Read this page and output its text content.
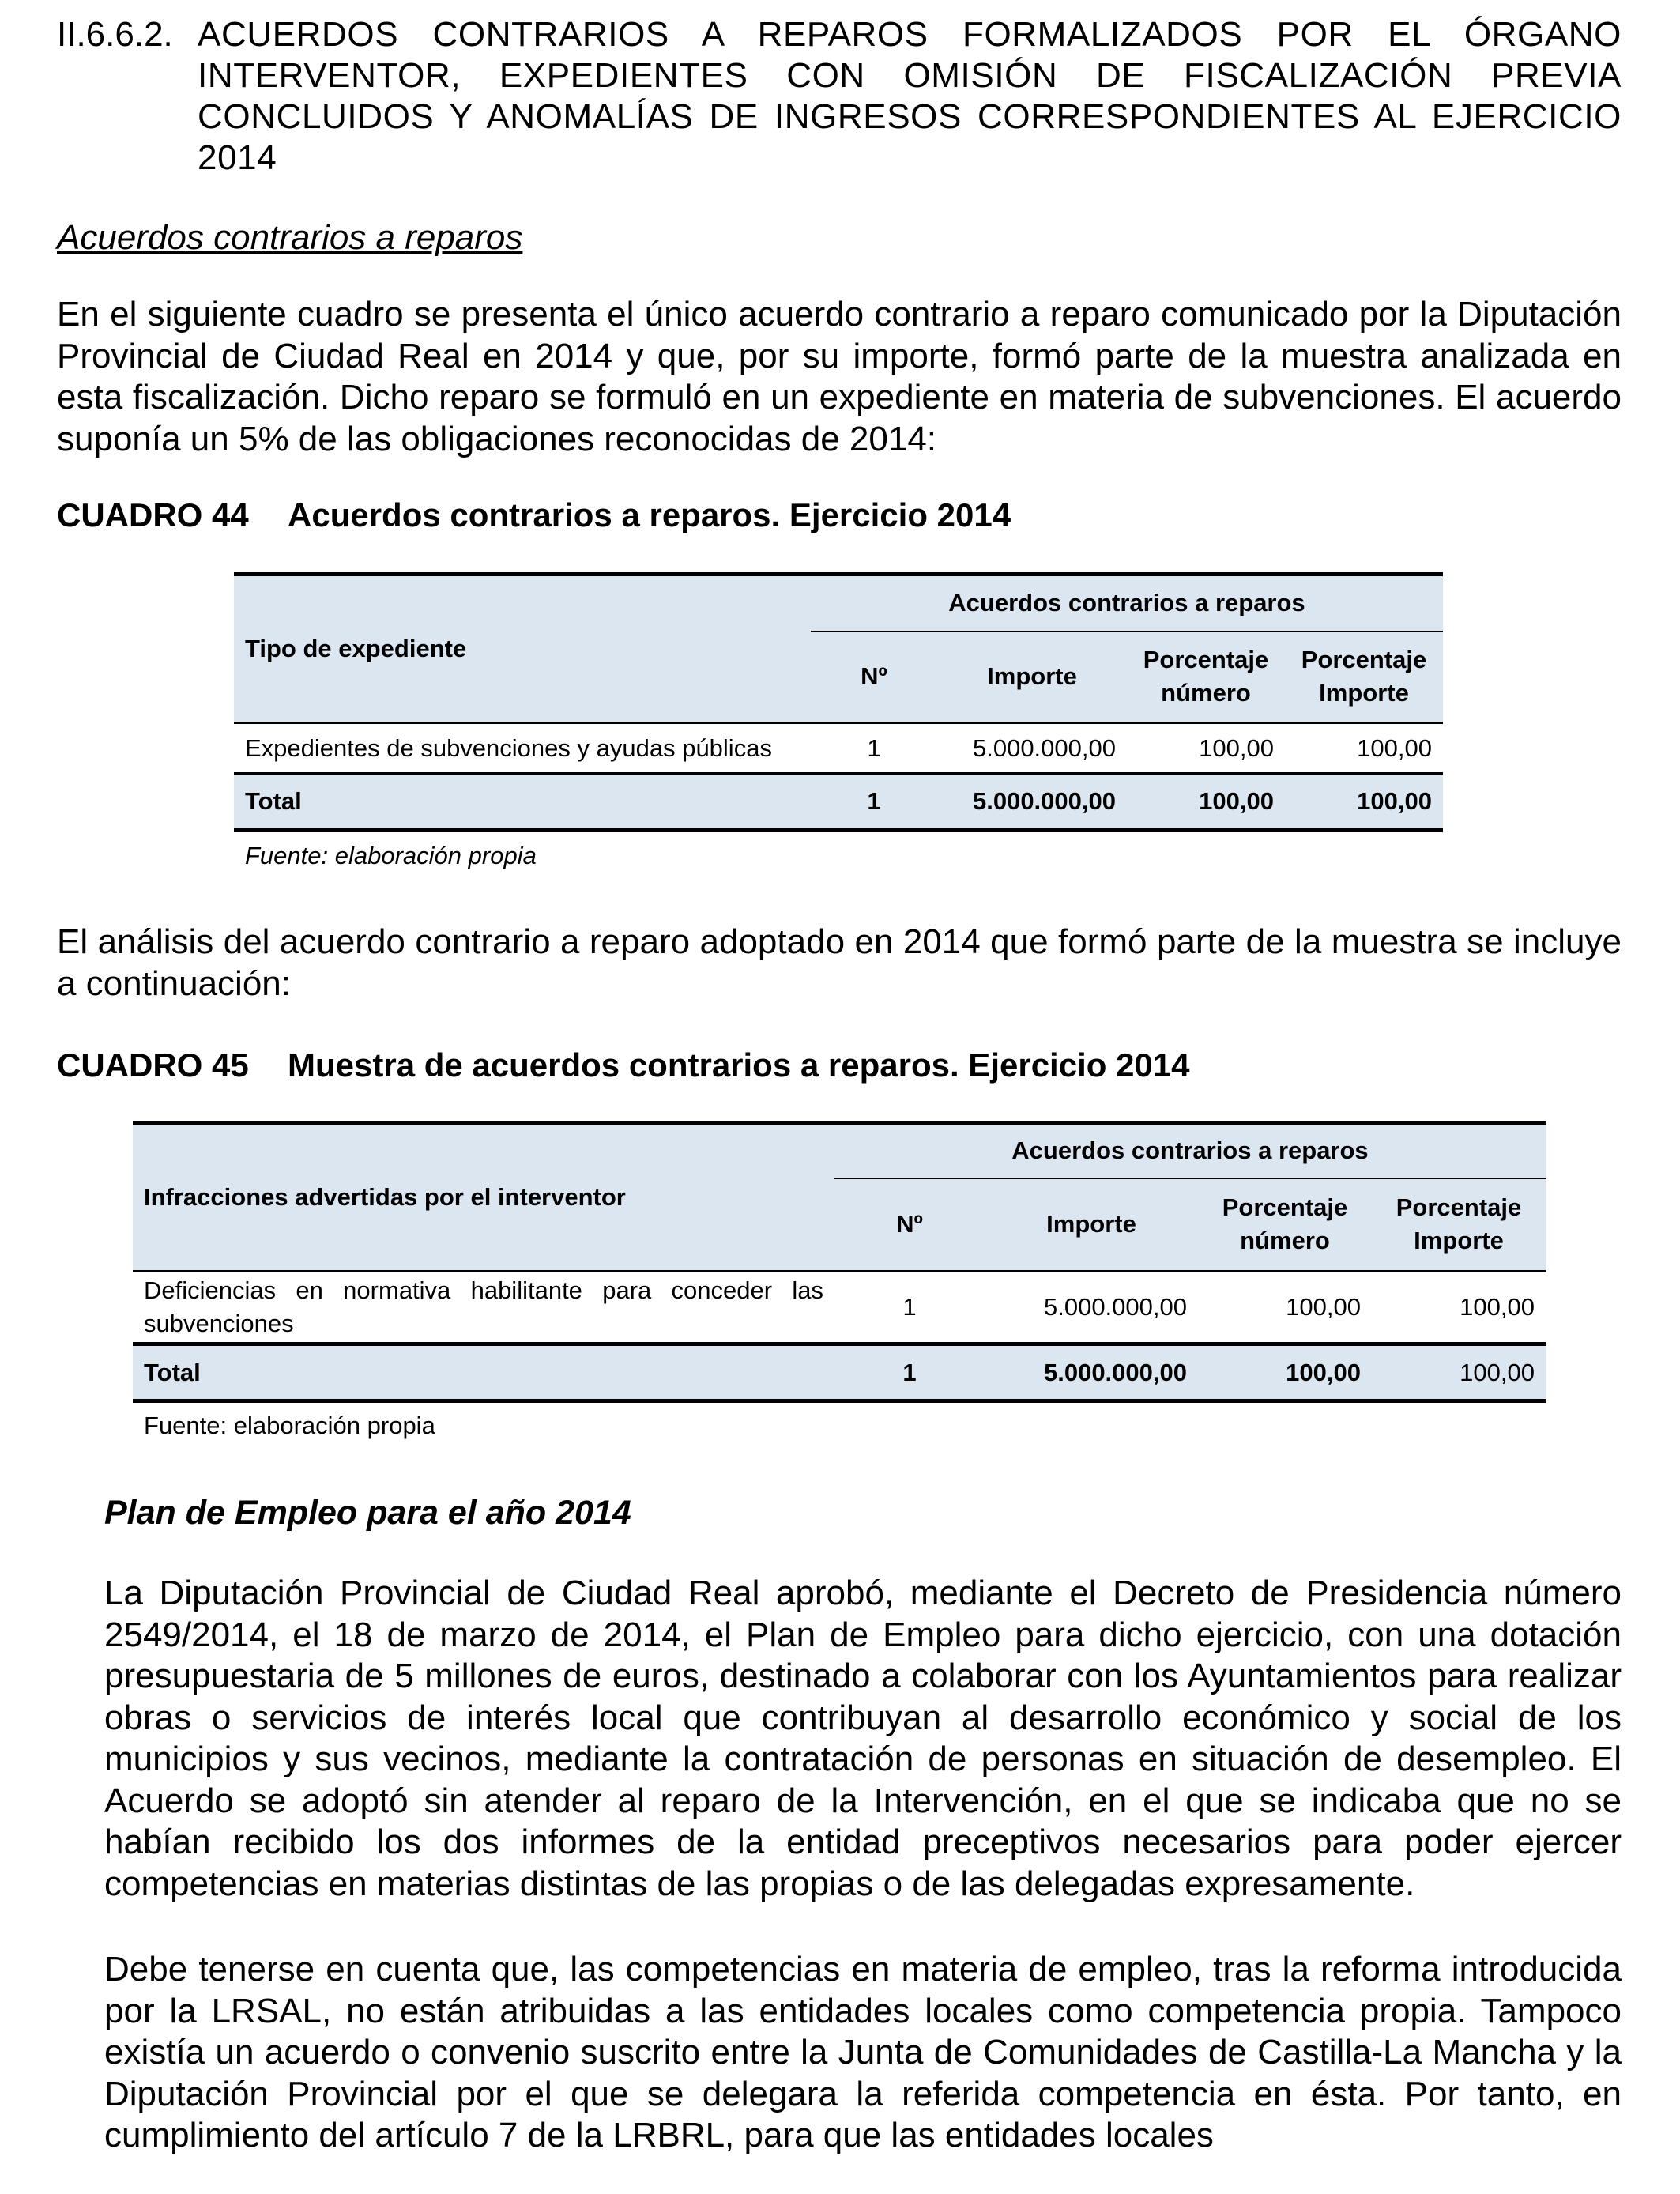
II.6.6.2. ACUERDOS CONTRARIOS A REPAROS FORMALIZADOS POR EL ÓRGANO INTERVENTOR, EXPEDIENTES CON OMISIÓN DE FISCALIZACIÓN PREVIA CONCLUIDOS Y ANOMALÍAS DE INGRESOS CORRESPONDIENTES AL EJERCICIO 2014
Acuerdos contrarios a reparos

En el siguiente cuadro se presenta el único acuerdo contrario a reparo comunicado por la Diputación Provincial de Ciudad Real en 2014 y que, por su importe, formó parte de la muestra analizada en esta fiscalización. Dicho reparo se formuló en un expediente en materia de subvenciones. El acuerdo suponía un 5% de las obligaciones reconocidas de 2014:

CUADRO 44 Acuerdos contrarios a reparos. Ejercicio 2014
Tipo de expediente	Acuerdos contrarios a reparos			
	Nº	Importe	Porcentaje número	Porcentaje Importe
Expedientes de subvenciones y ayudas públicas	1	5.000.000,00	100,00	100,00
Total	1	5.000.000,00	100,00	100,00
Fuente: elaboración propia

El análisis del acuerdo contrario a reparo adoptado en 2014 que formó parte de la muestra se incluye a continuación:

CUADRO 45 Muestra de acuerdos contrarios a reparos. Ejercicio 2014
Infracciones advertidas por el interventor	Acuerdos contrarios a reparos			
	Nº	Importe	Porcentaje número	Porcentaje Importe
Deficiencias en normativa habilitante para conceder las subvenciones	1	5.000.000,00	100,00	100,00
Total	1	5.000.000,00	100,00	100,00
Fuente: elaboración propia
Plan de Empleo para el año 2014

La Diputación Provincial de Ciudad Real aprobó, mediante el Decreto de Presidencia número 2549/2014, el 18 de marzo de 2014, el Plan de Empleo para dicho ejercicio, con una dotación presupuestaria de 5 millones de euros, destinado a colaborar con los Ayuntamientos para realizar obras o servicios de interés local que contribuyan al desarrollo económico y social de los municipios y sus vecinos, mediante la contratación de personas en situación de desempleo. El Acuerdo se adoptó sin atender al reparo de la Intervención, en el que se indicaba que no se habían recibido los dos informes de la entidad preceptivos necesarios para poder ejercer competencias en materias distintas de las propias o de las delegadas expresamente.

Debe tenerse en cuenta que, las competencias en materia de empleo, tras la reforma introducida por la LRSAL, no están atribuidas a las entidades locales como competencia propia. Tampoco existía un acuerdo o convenio suscrito entre la Junta de Comunidades de Castilla-La Mancha y la Diputación Provincial por el que se delegara la referida competencia en ésta. Por tanto, en cumplimiento del artículo 7 de la LRBRL, para que las entidades locales
